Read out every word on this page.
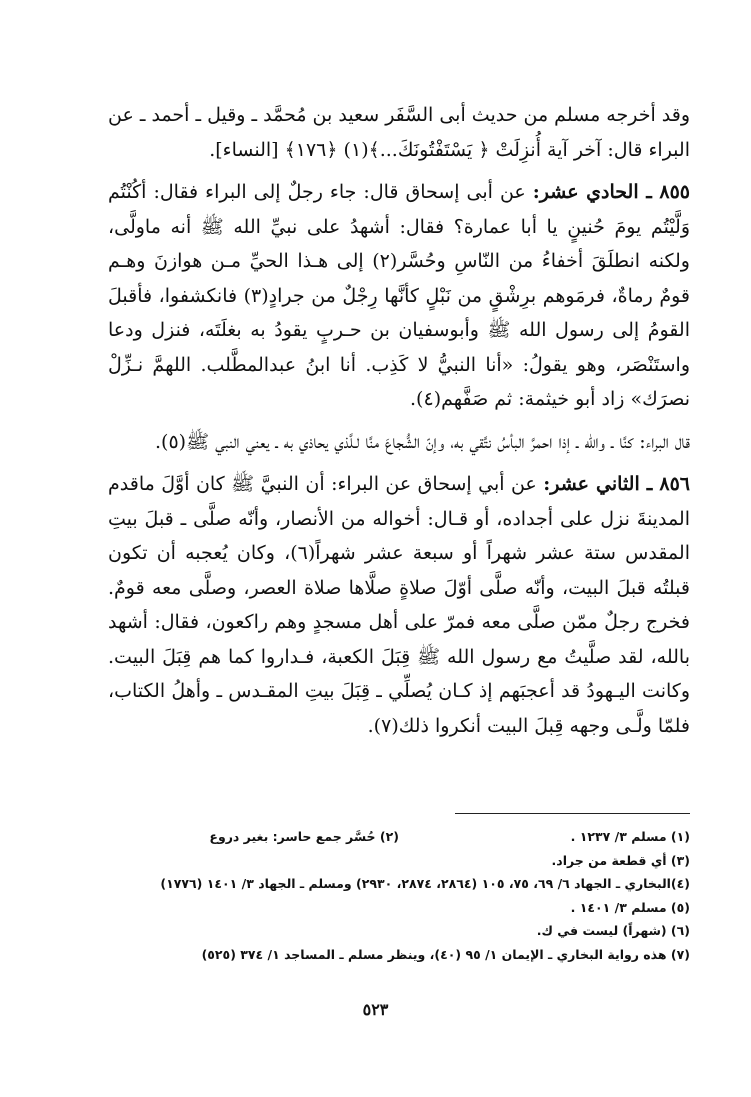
وقد أخرجه مسلم من حديث أبى السَّفَر سعيد بن مُحمَّد ـ وقيل ـ أحمد ـ عن البراء قال: آخر آية أُنزِلَتْ ﴿ يَسْتَفْتُونَكَ...﴾(١) ﴿١٧٦﴾ [النساء].

٨٥٥ ـ الحادي عشر: عن أبى إسحاق قال: جاء رجلٌ إلى البراء فقال: أكُنْتُم وَلَّيْتُم يومَ حُنينٍ يا أبا عمارة؟ فقال: أشهدُ على نبيِّ الله ﷺ أنه ماولَّى، ولكنه انطلَقَ أخفاءُ من النّاسِ وحُسَّر(٢) إلى هـذا الحيِّ مـن هوازنَ وهـم قومٌ رماةٌ، فرمَوهم برِشْقٍ من نَبْلٍ كأنَّها رِجْلٌ من جرادٍ(٣) فانكشفوا، فأقبلَ القومُ إلى رسول الله ﷺ وأبوسفيان بن حـربٍ يقودُ به بغلَتَه، فنزل ودعا واستَنْصَر، وهو يقولُ: «أنا النبيُّ لا كَذِب. أنا ابنُ عبدالمطَّلب. اللهمَّ نـزِّلْ نصرَك» زاد أبو خيثمة: ثم صَفَّهم(٤).

قال البراء: كنَّا ـ والله ـ إذا احمرَّ البأسُ نتَّقي به، وإنّ الشُّجاعَ منَّا لـلَّذي يحاذي به ـ يعني النبي ﷺ(٥).

٨٥٦ ـ الثاني عشر: عن أبي إسحاق عن البراء: أن النبيَّ ﷺ كان أوَّلَ ماقدم المدينةَ نزل على أجداده، أو قـال: أخواله من الأنصار، وأنّه صلَّى ـ قبلَ بيتِ المقدس ستة عشر شهراً أو سبعة عشر شهراً(٦)، وكان يُعجبه أن تكون قبلتُه قبلَ البيت، وأنّه صلَّى أوّلَ صلاةٍ صلَّاها صلاة العصر، وصلَّى معه قومٌ. فخرج رجلٌ ممّن صلَّى معه فمرّ على أهل مسجدٍ وهم راكعون، فقال: أشهد بالله، لقد صلَّيتُ مع رسول الله ﷺ قِبَلَ الكعبة، فـداروا كما هم قِبَلَ البيت. وكانت اليـهودُ قد أعجبَهم إذ كـان يُصلِّي ـ قِبَلَ بيتِ المقـدس ـ وأهلُ الكتاب، فلمّا ولَّـى وجهه قِبلَ البيت أنكروا ذلك(٧).

(١) مسلم ٣/ ١٢٣٧ .
(٢) حُسَّر جمع حاسر: بغير دروع
(٣) أي قطعة من جراد.
(٤)البخاري ـ الجهاد ٦/ ٦٩، ٧٥، ١٠٥ (٢٨٦٤، ٢٨٧٤، ٢٩٣٠) ومسلم ـ الجهاد ٣/ ١٤٠١ (١٧٧٦)
(٥) مسلم ٣/ ١٤٠١ .
(٦) (شهراً) ليست في ك.
(٧) هذه رواية البخاري ـ الإيمان ١/ ٩٥ (٤٠)، وينظر مسلم ـ المساجد ١/ ٣٧٤ (٥٢٥)
٥٢٣
